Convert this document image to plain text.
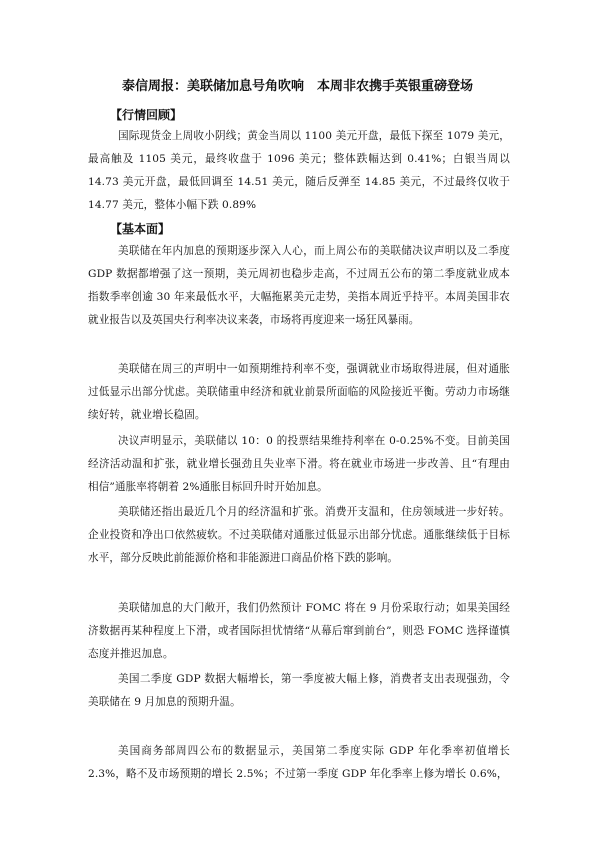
泰信周报：美联储加息号角吹响　本周非农携手英银重磅登场
【行情回顾】
国际现货金上周收小阴线；黄金当周以 1100 美元开盘，最低下探至 1079 美元，最高触及 1105 美元，最终收盘于 1096 美元；整体跌幅达到 0.41%；白银当周以 14.73 美元开盘，最低回调至 14.51 美元，随后反弹至 14.85 美元，不过最终仅收于 14.77 美元，整体小幅下跌 0.89%
【基本面】
美联储在年内加息的预期逐步深入人心，而上周公布的美联储决议声明以及二季度 GDP 数据都增强了这一预期，美元周初也稳步走高，不过周五公布的第二季度就业成本指数季率创逾 30 年来最低水平，大幅拖累美元走势，美指本周近乎持平。本周美国非农就业报告以及英国央行利率决议来袭，市场将再度迎来一场狂风暴雨。
美联储在周三的声明中一如预期维持利率不变，强调就业市场取得进展，但对通胀过低显示出部分忧虑。美联储重申经济和就业前景所面临的风险接近平衡。劳动力市场继续好转，就业增长稳固。
决议声明显示，美联储以 10：0 的投票结果维持利率在 0-0.25%不变。目前美国经济活动温和扩张，就业增长强劲且失业率下滑。将在就业市场进一步改善、且“有理由相信”通胀率将朝着 2%通胀目标回升时开始加息。
美联储还指出最近几个月的经济温和扩张。消费开支温和，住房领域进一步好转。企业投资和净出口依然疲软。不过美联储对通胀过低显示出部分忧虑。通胀继续低于目标水平，部分反映此前能源价格和非能源进口商品价格下跌的影响。
美联储加息的大门敞开，我们仍然预计 FOMC 将在 9 月份采取行动；如果美国经济数据再某种程度上下滑，或者国际担忧情绪“从幕后窜到前台”，则恐 FOMC 选择谨慎态度并推迟加息。
美国二季度 GDP 数据大幅增长，第一季度被大幅上修，消费者支出表现强劲，令美联储在 9 月加息的预期升温。
美国商务部周四公布的数据显示，美国第二季度实际 GDP 年化季率初值增长 2.3%，略不及市场预期的增长 2.5%；不过第一季度 GDP 年化季率上修为增长 0.6%，
